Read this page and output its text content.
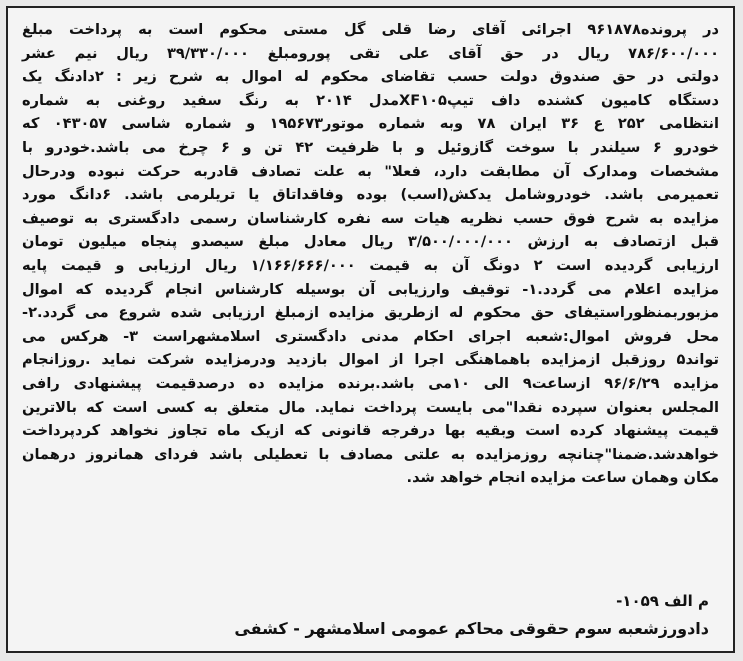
در پرونده۹۶۱۸۷۸ اجرائی آقای رضا قلی گل مستی محکوم است به پرداخت مبلغ
۷۸۶/۶۰۰/۰۰۰ ریال در حق آقای علی تقی پورومبلغ ۳۹/۳۳۰/۰۰۰ ریال نیم عشر
دولتی در حق صندوق دولت حسب تقاضای محکوم له اموال به شرح زیر : ۲دادنگ یک
دستگاه کامیون کشنده داف تیپXF۱۰۵مدل ۲۰۱۴ به رنگ سفید روغنی به شماره
انتظامی ۲۵۲ ع ۳۶ ایران ۷۸ وبه شماره موتور۱۹۵۶۷۳ و شماره شاسی ۰۴۳۰۵۷ که
خودرو ۶ سیلندر با سوخت گازوئیل و با ظرفیت ۴۲ تن و ۶ چرخ می باشد.خودرو با
مشخصات ومدارک آن مطابقت دارد، فعلا" به علت تصادف قادربه حرکت نبوده ودرحال
تعمیرمی باشد. خودروشامل یدکش(اسب) بوده وفاقداتاق یا تریلرمی باشد. ۶دانگ مورد
مزایده به شرح فوق حسب نظریه هیات سه نفره کارشناسان رسمی دادگستری به توصیف
قبل ازتصادف به ارزش ۳/۵۰۰/۰۰۰/۰۰۰ ریال معادل مبلغ سیصدو پنجاه میلیون تومان
ارزیابی گردیده است ۲ دونگ آن به قیمت ۱/۱۶۶/۶۶۶/۰۰۰ ریال ارزیابی و قیمت پایه
مزایده اعلام می گردد.۱- توقیف وارزیابی آن بوسیله کارشناس انجام گردیده که اموال
مزبوربمنظوراستیفای حق محکوم له ازطریق مزایده ازمبلغ ارزیابی شده شروع می گردد.۲-
محل فروش اموال:شعبه اجرای احکام مدنی دادگستری اسلامشهراست ۳- هرکس می
تواند۵ روزقبل ازمزایده باهماهنگی اجرا از اموال بازدید ودرمزایده شرکت نماید .روزانجام
مزایده ۹۶/۶/۲۹ ازساعت۹ الی ۱۰می باشد.برنده مزایده ده درصدقیمت پیشنهادی رافی
المجلس بعنوان سپرده نقدا"می بایست پرداخت نماید. مال متعلق به کسی است که بالاترین
قیمت پیشنهاد کرده است وبقیه بها درفرجه قانونی که ازیک ماه تجاوز نخواهد کردپرداخت
خواهدشد.ضمنا"چنانچه روزمزایده به علتی مصادف با تعطیلی باشد فردای همانروز درهمان
مکان وهمان ساعت مزایده انجام خواهد شد.
م الف ۱۰۵۹-
دادورزشعبه سوم حقوقی محاکم عمومی اسلامشهر - کشفی
